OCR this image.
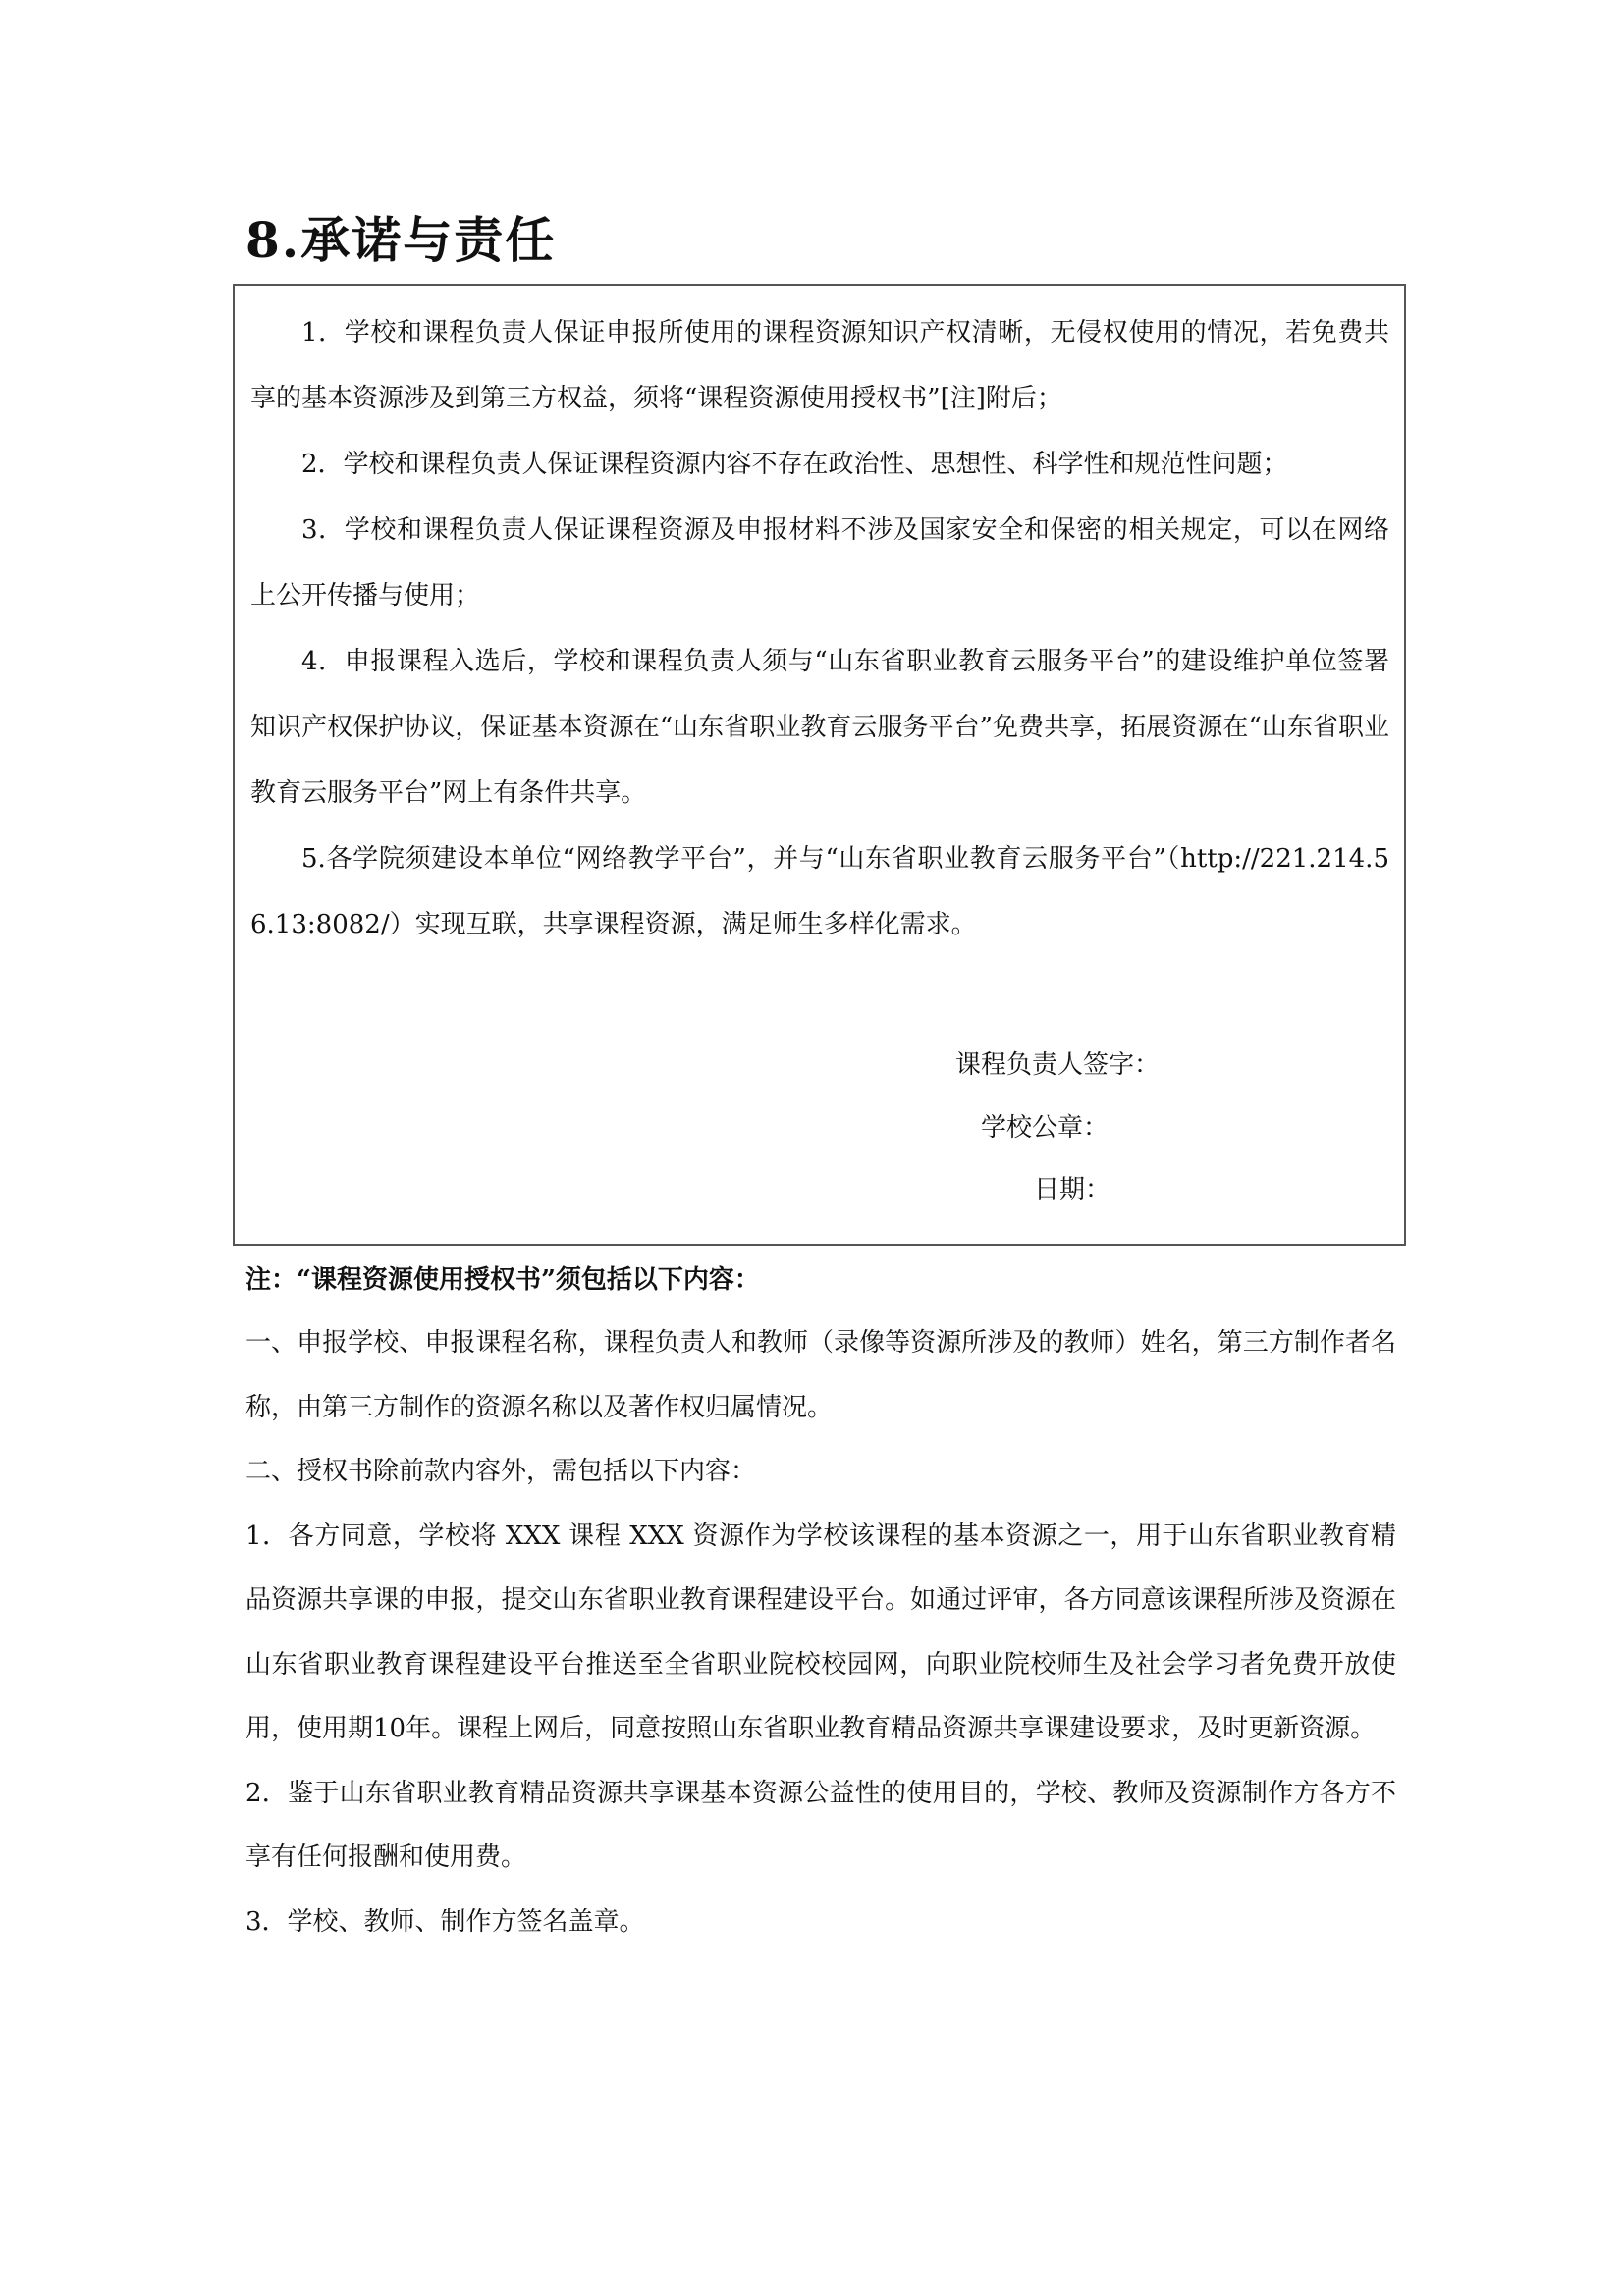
8.承诺与责任

1．学校和课程负责人保证申报所使用的课程资源知识产权清晰，无侵权使用的情况，若免费共享的基本资源涉及到第三方权益，须将“课程资源使用授权书”[注]附后；

2．学校和课程负责人保证课程资源内容不存在政治性、思想性、科学性和规范性问题；

3．学校和课程负责人保证课程资源及申报材料不涉及国家安全和保密的相关规定，可以在网络上公开传播与使用；

4．申报课程入选后，学校和课程负责人须与“山东省职业教育云服务平台”的建设维护单位签署知识产权保护协议，保证基本资源在“山东省职业教育云服务平台”免费共享，拓展资源在“山东省职业教育云服务平台”网上有条件共享。

5.各学院须建设本单位“网络教学平台”，并与“山东省职业教育云服务平台”（http://221.214.56.13:8082/）实现互联，共享课程资源，满足师生多样化需求。

课程负责人签字：
学校公章：
日期：

注：“课程资源使用授权书”须包括以下内容：

一、申报学校、申报课程名称，课程负责人和教师（录像等资源所涉及的教师）姓名，第三方制作者名称，由第三方制作的资源名称以及著作权归属情况。

二、授权书除前款内容外，需包括以下内容：

1．各方同意，学校将 XXX 课程 XXX 资源作为学校该课程的基本资源之一，用于山东省职业教育精品资源共享课的申报，提交山东省职业教育课程建设平台。如通过评审，各方同意该课程所涉及资源在山东省职业教育课程建设平台推送至全省职业院校校园网，向职业院校师生及社会学习者免费开放使用，使用期10年。课程上网后，同意按照山东省职业教育精品资源共享课建设要求，及时更新资源。

2．鉴于山东省职业教育精品资源共享课基本资源公益性的使用目的，学校、教师及资源制作方各方不享有任何报酬和使用费。

3．学校、教师、制作方签名盖章。
